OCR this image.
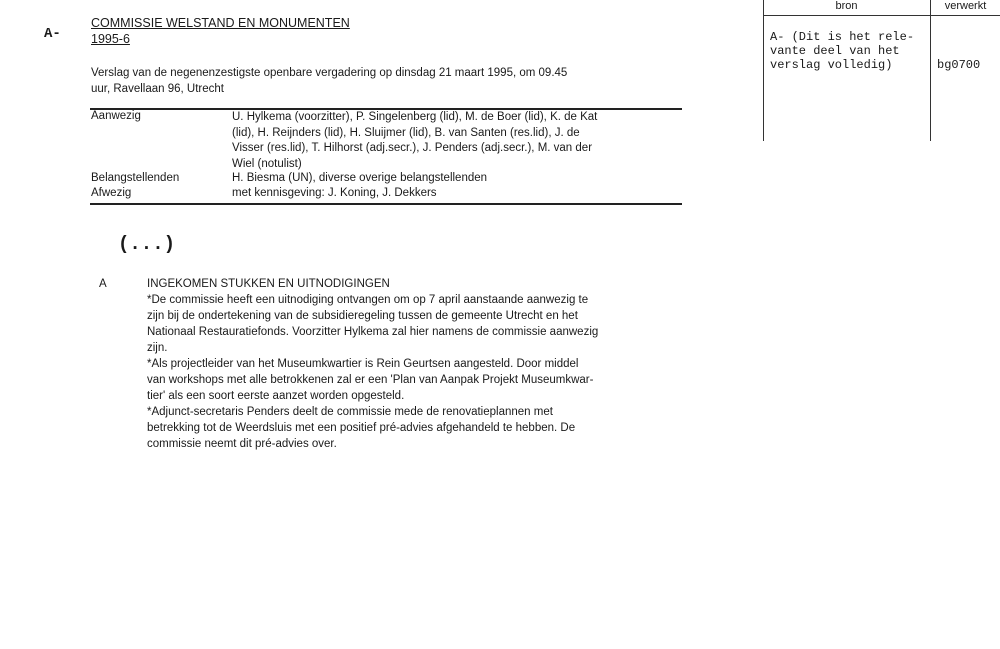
A-
COMMISSIE WELSTAND EN MONUMENTEN
1995-6
Verslag van de negenenzestigste openbare vergadering op dinsdag 21 maart 1995, om 09.45
uur, Ravellaan 96, Utrecht
Aanwezig	U. Hylkema (voorzitter), P. Singelenberg (lid), M. de Boer (lid), K. de Kat
(lid), H. Reijnders (lid), H. Sluijmer (lid), B. van Santen (res.lid), J. de
Visser (res.lid), T. Hilhorst (adj.secr.), J. Penders (adj.secr.), M. van der
Wiel (notulist)
Belangstellenden	H. Biesma (UN), diverse overige belangstellenden
Afwezig	met kennisgeving: J. Koning, J. Dekkers
(...)
A	INGEKOMEN STUKKEN EN UITNODIGINGEN
*De commissie heeft een uitnodiging ontvangen om op 7 april aanstaande aanwezig te
zijn bij de ondertekening van de subsidieregeling tussen de gemeente Utrecht en het
Nationaal Restauratiefonds. Voorzitter Hylkema zal hier namens de commissie aanwezig
zijn.
*Als projectleider van het Museumkwartier is Rein Geurtsen aangesteld. Door middel
van workshops met alle betrokkenen zal er een 'Plan van Aanpak Projekt Museumkwar-
tier' als een soort eerste aanzet worden opgesteld.
*Adjunct-secretaris Penders deelt de commissie mede de renovatieplannen met
betrekking tot de Weerdsluis met een positief pré-advies afgehandeld te hebben. De
commissie neemt dit pré-advies over.
bron	verwerkt
A- (Dit is het rele-
vante deel van het
verslag volledig)	bg0700
